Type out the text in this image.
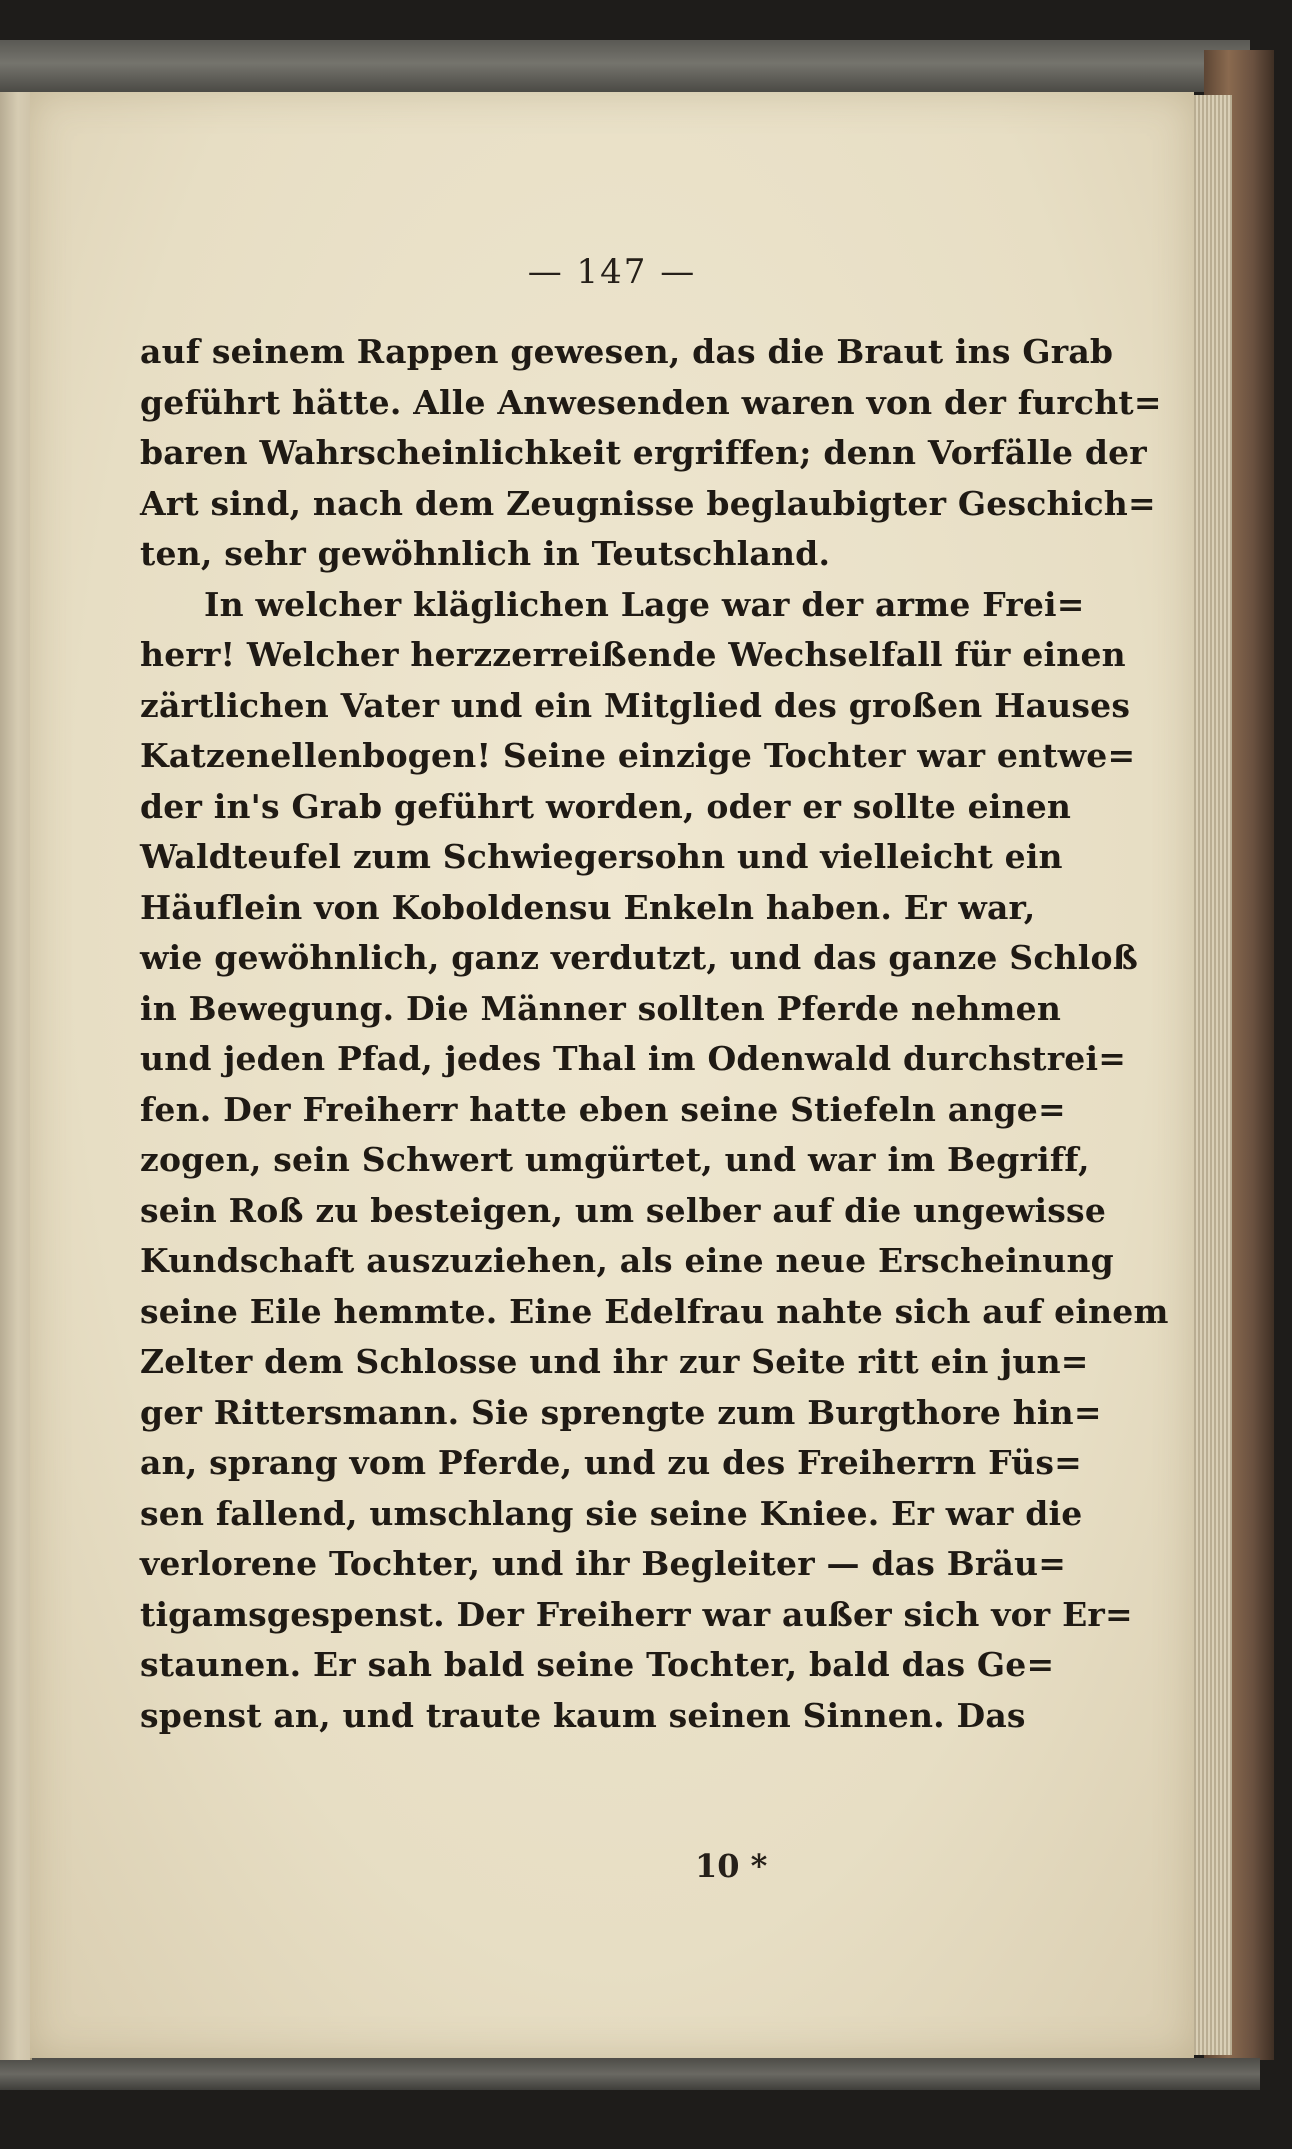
— 147 —
auf seinem Rappen gewesen, das die Braut ins Grab
geführt hätte. Alle Anwesenden waren von der furcht=
baren Wahrscheinlichkeit ergriffen; denn Vorfälle der
Art sind, nach dem Zeugnisse beglaubigter Geschich=
ten, sehr gewöhnlich in Teutschland.
In welcher kläglichen Lage war der arme Frei=
herr! Welcher herzzerreißende Wechselfall für einen
zärtlichen Vater und ein Mitglied des großen Hauses
Katzenellenbogen! Seine einzige Tochter war entwe=
der in's Grab geführt worden, oder er sollte einen
Waldteufel zum Schwiegersohn und vielleicht ein
Häuflein von Koboldensu Enkeln haben. Er war,
wie gewöhnlich, ganz verdutzt, und das ganze Schloß
in Bewegung. Die Männer sollten Pferde nehmen
und jeden Pfad, jedes Thal im Odenwald durchstrei=
fen. Der Freiherr hatte eben seine Stiefeln ange=
zogen, sein Schwert umgürtet, und war im Begriff,
sein Roß zu besteigen, um selber auf die ungewisse
Kundschaft auszuziehen, als eine neue Erscheinung
seine Eile hemmte. Eine Edelfrau nahte sich auf einem
Zelter dem Schlosse und ihr zur Seite ritt ein jun=
ger Rittersmann. Sie sprengte zum Burgthore hin=
an, sprang vom Pferde, und zu des Freiherrn Füs=
sen fallend, umschlang sie seine Kniee. Er war die
verlorene Tochter, und ihr Begleiter — das Bräu=
tigamsgespenst. Der Freiherr war außer sich vor Er=
staunen. Er sah bald seine Tochter, bald das Ge=
spenst an, und traute kaum seinen Sinnen. Das
10 *
